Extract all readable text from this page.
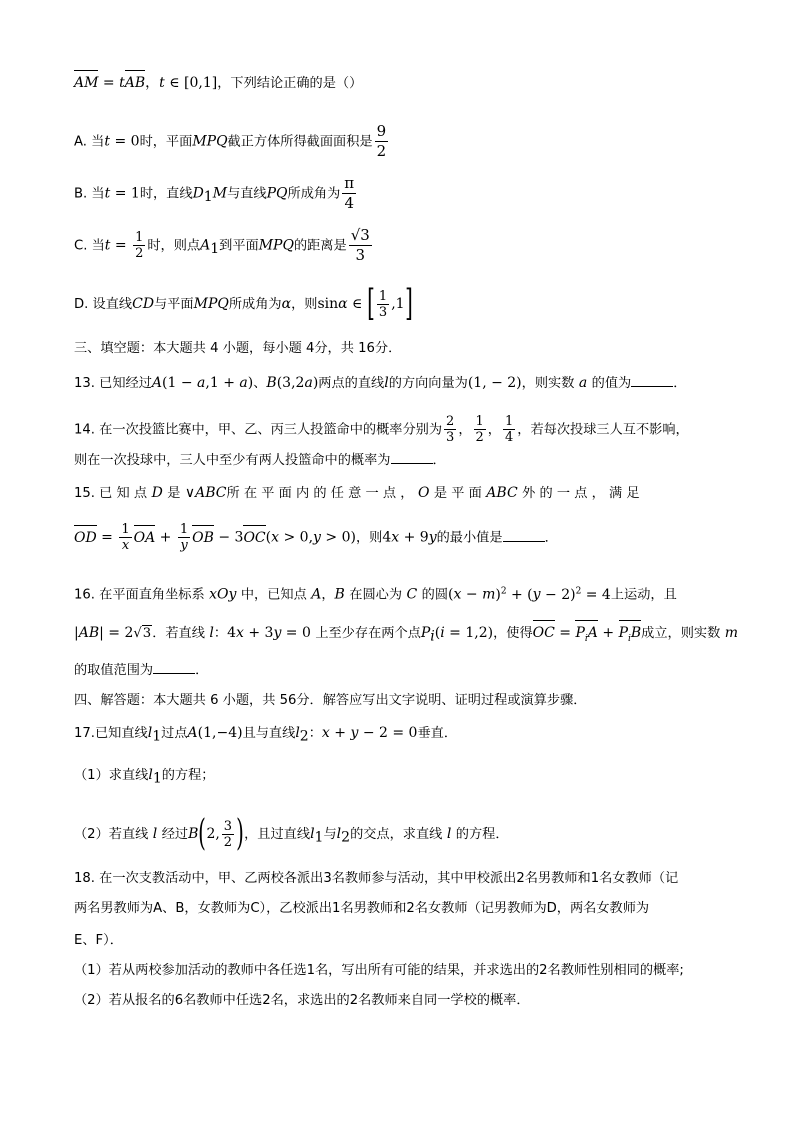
AM = tAB，t ∈ [0,1]，下列结论正确的是（）
A. 当t = 0时，平面MPQ截正方体所得截面面积是 $\frac{9}{2}$
B. 当t = 1时，直线$D_1M$与直线PQ所成角为 $\frac{\pi}{4}$
C. 当$t = \frac{1}{2}$ 时，则点$A_1$到平面MPQ的距离是 $\frac{√3}{3}$
D. 设直线CD与平面MPQ所成角为α，则sinα ∈ [ $\frac{1}{3} ,1$]
三、填空题：本大题共 4 小题，每小题 4分，共 16分．
13. 已知经过A(1 − a,1 + a)、B(3,2a)两点的直线l的方向向量为(1, − 2)，则实数 a 的值为	．
14. 在一次投篮比赛中，甲、乙、丙三人投篮命中的概率分别为 $\frac{2}{3}$ ， $\frac{1}{2}$ ， $\frac{1}{4}$ ，若每次投球三人互不影响，
则在一次投球中，三人中至少有两人投篮命中的概率为	．
15. 已 知 点 D 是 ∨ABC所 在 平 面 内 的 任 意 一 点 ， O 是 平 面 ABC 外 的 一 点 ， 满 足
OD = $\frac{1}{x}$ OA + $\frac{1}{y}$ OB − 3OC(x > 0,y > 0)，则4x + 9y的最小值是	．
16. 在平面直角坐标系 xOy 中，已知点 A，B 在圆心为 C 的圆$(x - m)^2 + (y - 2)^2 = 4$上运动，且
|AB| = 2√3．若直线 l：4x + 3y = 0 上至少存在两个点$P_i(i = 1,2)$，使得OC = $P_iA + P_iB$成立，则实数 m
的取值范围为	．
四、解答题：本大题共 6 小题，共 56分．解答应写出文字说明、证明过程或演算步骤．
17.已知直线$l_1$过点A(1,−4)且与直线$l_2$：x + y − 2 = 0垂直．
（1）求直线$l_1$的方程；
（2）若直线 l 经过B(2, $\frac{3}{2}$ )，且过直线$l_1$与$l_2$的交点，求直线 l 的方程．
18. 在一次支教活动中，甲、乙两校各派出3名教师参与活动，其中甲校派出2名男教师和1名女教师（记
两名男教师为A、B，女教师为C），乙校派出1名男教师和2名女教师（记男教师为D，两名女教师为
E、F）．
（1）若从两校参加活动的教师中各任选1名，写出所有可能的结果，并求选出的2名教师性别相同的概率;
（2）若从报名的6名教师中任选2名，求选出的2名教师来自同一学校的概率．
